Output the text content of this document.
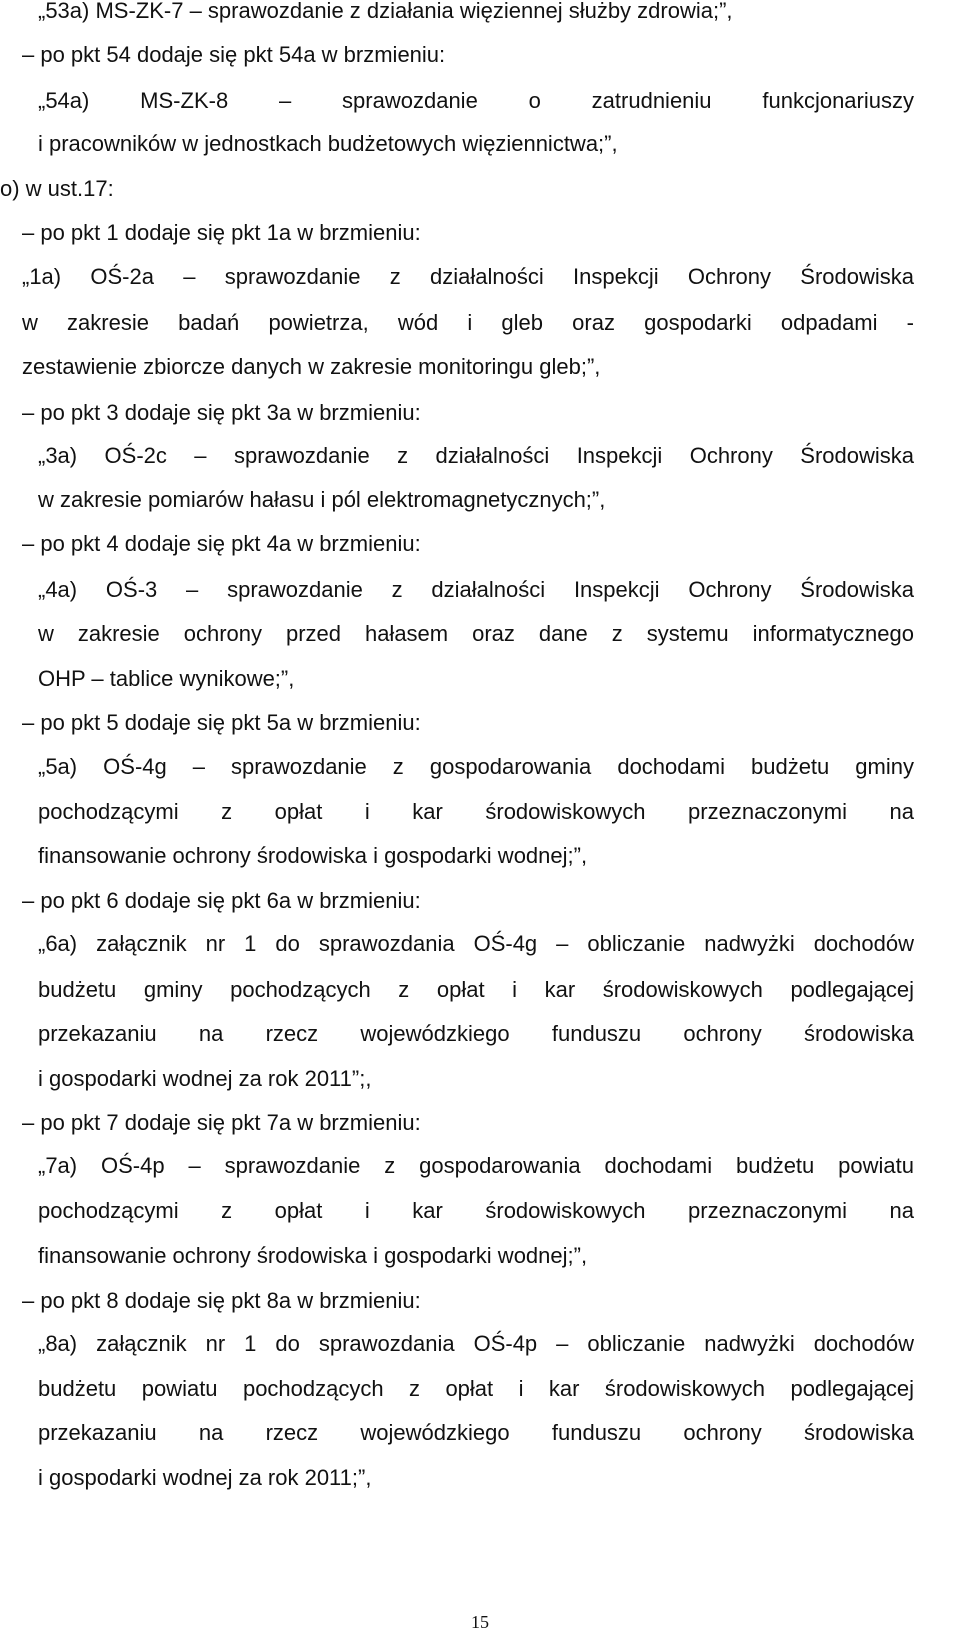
„53a) MS-ZK-7 – sprawozdanie z działania więziennej służby zdrowia;”,
– po pkt 54 dodaje się pkt 54a w brzmieniu:
„54a) MS-ZK-8 – sprawozdanie o zatrudnieniu funkcjonariuszy
i pracowników w jednostkach budżetowych więziennictwa;”,
o) w ust.17:
– po pkt 1 dodaje się pkt 1a w brzmieniu:
„1a) OŚ-2a – sprawozdanie z działalności Inspekcji Ochrony Środowiska
w zakresie badań powietrza, wód i gleb oraz gospodarki odpadami -
zestawienie zbiorcze danych w zakresie monitoringu gleb;”,
– po pkt 3 dodaje się pkt 3a w brzmieniu:
„3a) OŚ-2c – sprawozdanie z działalności Inspekcji Ochrony Środowiska
w zakresie pomiarów hałasu i pól elektromagnetycznych;”,
– po pkt 4 dodaje się pkt 4a w brzmieniu:
„4a) OŚ-3 – sprawozdanie z działalności Inspekcji Ochrony Środowiska
w zakresie ochrony przed hałasem oraz dane z systemu informatycznego
OHP – tablice wynikowe;”,
– po pkt 5 dodaje się pkt 5a w brzmieniu:
„5a) OŚ-4g – sprawozdanie z gospodarowania dochodami budżetu gminy
pochodzącymi z opłat i kar środowiskowych przeznaczonymi na
finansowanie ochrony środowiska i gospodarki wodnej;”,
– po pkt 6 dodaje się pkt 6a w brzmieniu:
„6a) załącznik nr 1 do sprawozdania OŚ-4g – obliczanie nadwyżki dochodów
budżetu gminy pochodzących z opłat i kar środowiskowych podlegającej
przekazaniu na rzecz wojewódzkiego funduszu ochrony środowiska
i gospodarki wodnej za rok 2011”;,
– po pkt 7 dodaje się pkt 7a w brzmieniu:
„7a) OŚ-4p – sprawozdanie z gospodarowania dochodami budżetu powiatu
pochodzącymi z opłat i kar środowiskowych przeznaczonymi na
finansowanie ochrony środowiska i gospodarki wodnej;”,
– po pkt 8 dodaje się pkt 8a w brzmieniu:
„8a) załącznik nr 1 do sprawozdania OŚ-4p – obliczanie nadwyżki dochodów
budżetu powiatu pochodzących z opłat i kar środowiskowych podlegającej
przekazaniu na rzecz wojewódzkiego funduszu ochrony środowiska
i gospodarki wodnej za rok 2011;”,
15
